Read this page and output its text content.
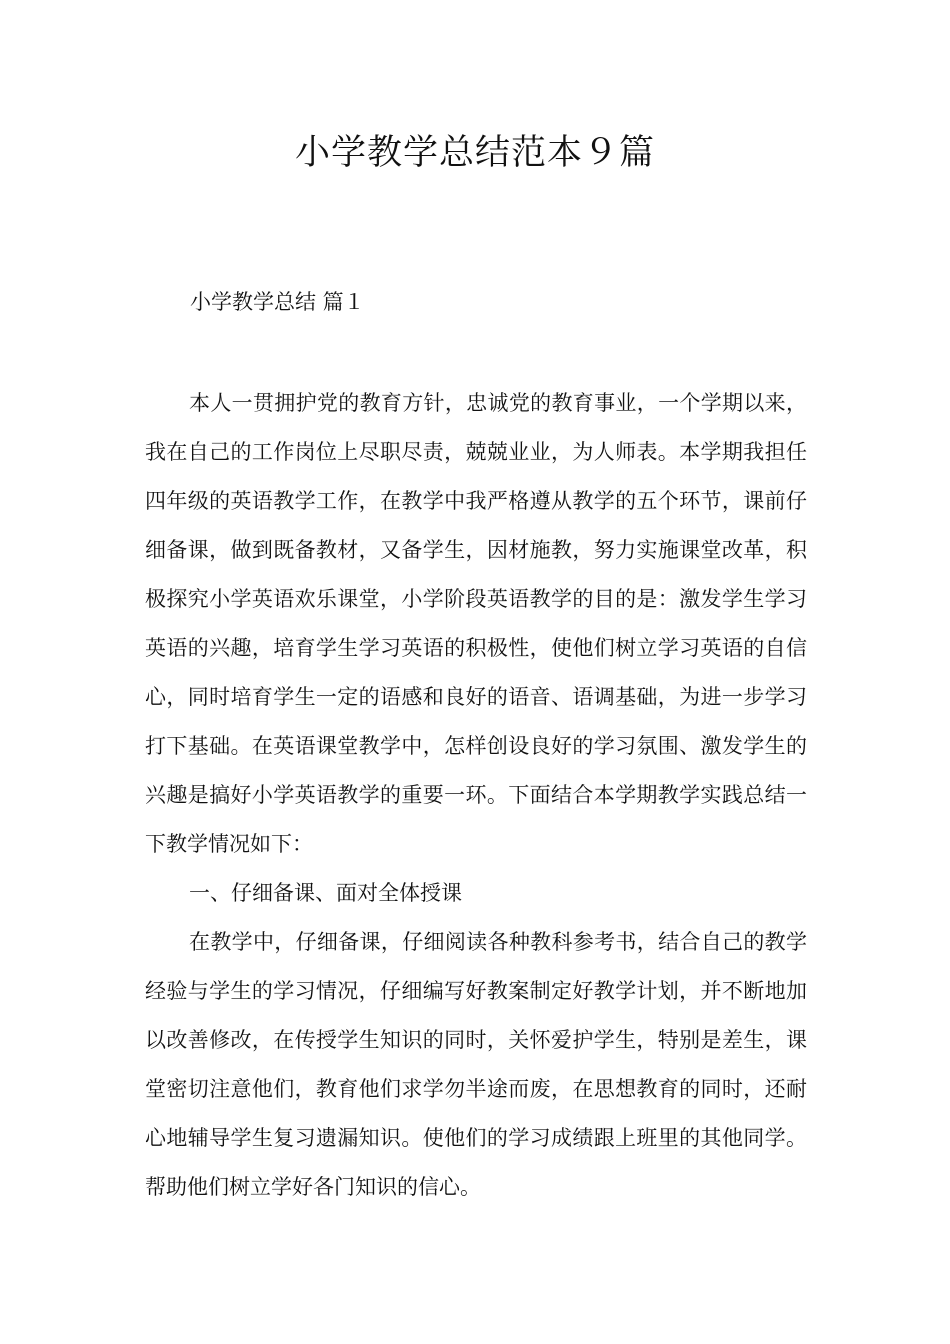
小学教学总结范本９篇
小学教学总结 篇１

本人一贯拥护党的教育方针，忠诚党的教育事业，一个学期以来，我在自己的工作岗位上尽职尽责，兢兢业业，为人师表。本学期我担任四年级的英语教学工作，在教学中我严格遵从教学的五个环节，课前仔细备课，做到既备教材，又备学生，因材施教，努力实施课堂改革，积极探究小学英语欢乐课堂，小学阶段英语教学的目的是：激发学生学习英语的兴趣，培育学生学习英语的积极性，使他们树立学习英语的自信心，同时培育学生一定的语感和良好的语音、语调基础，为进一步学习打下基础。在英语课堂教学中，怎样创设良好的学习氛围、激发学生的兴趣是搞好小学英语教学的重要一环。下面结合本学期教学实践总结一下教学情况如下：

一、仔细备课、面对全体授课

在教学中，仔细备课，仔细阅读各种教科参考书，结合自己的教学经验与学生的学习情况，仔细编写好教案制定好教学计划，并不断地加以改善修改，在传授学生知识的同时，关怀爱护学生，特别是差生，课堂密切注意他们，教育他们求学勿半途而废，在思想教育的同时，还耐心地辅导学生复习遗漏知识。使他们的学习成绩跟上班里的其他同学。帮助他们树立学好各门知识的信心。
